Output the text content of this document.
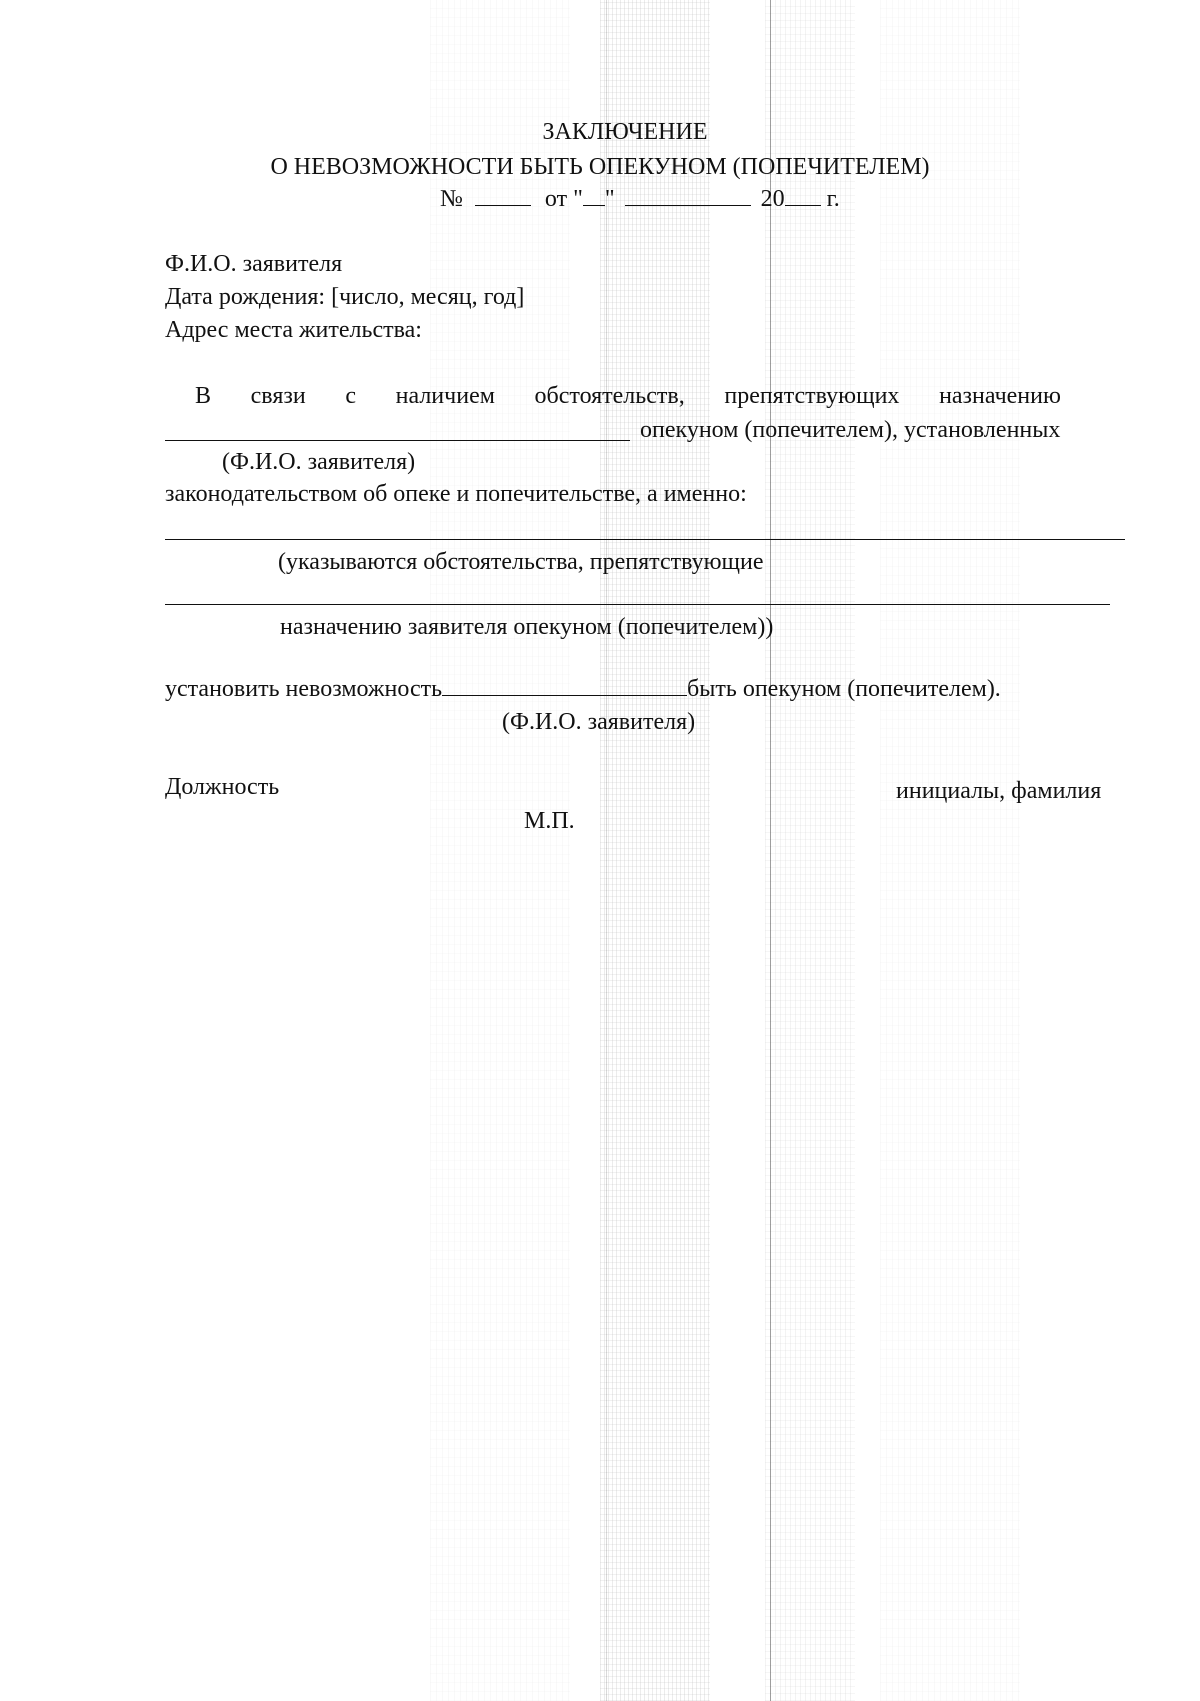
ЗАКЛЮЧЕНИЕ
О НЕВОЗМОЖНОСТИ БЫТЬ ОПЕКУНОМ (ПОПЕЧИТЕЛЕМ)
№	от " "	20 г.
Ф.И.О. заявителя
Дата рождения: [число, месяц, год]
Адрес места жительства:
В связи с наличием обстоятельств, препятствующих назначению
опекуном (попечителем), установленных
(Ф.И.О. заявителя)
законодательством об опеке и попечительстве, а именно:
(указываются обстоятельства, препятствующие
назначению заявителя опекуном (попечителем))
установить невозможность	быть опекуном (попечителем).
(Ф.И.О. заявителя)
Должность	инициалы, фамилия
М.П.
